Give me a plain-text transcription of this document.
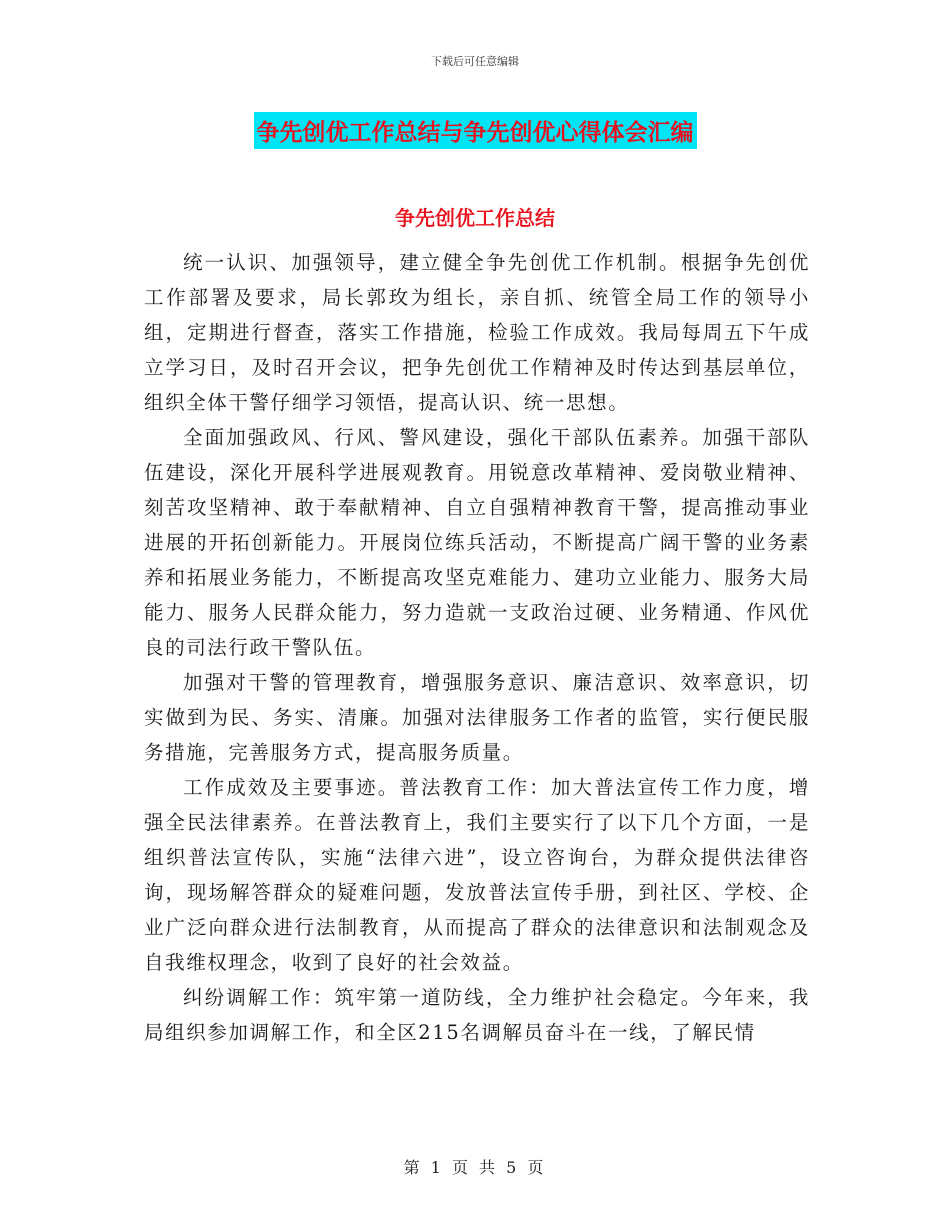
下载后可任意编辑
争先创优工作总结与争先创优心得体会汇编
争先创优工作总结

统一认识、加强领导，建立健全争先创优工作机制。根据争先创优工作部署及要求，局长郭玫为组长，亲自抓、统管全局工作的领导小组，定期进行督查，落实工作措施，检验工作成效。我局每周五下午成立学习日，及时召开会议，把争先创优工作精神及时传达到基层单位，组织全体干警仔细学习领悟，提高认识、统一思想。

全面加强政风、行风、警风建设，强化干部队伍素养。加强干部队伍建设，深化开展科学进展观教育。用锐意改革精神、爱岗敬业精神、刻苦攻坚精神、敢于奉献精神、自立自强精神教育干警，提高推动事业进展的开拓创新能力。开展岗位练兵活动，不断提高广阔干警的业务素养和拓展业务能力，不断提高攻坚克难能力、建功立业能力、服务大局能力、服务人民群众能力，努力造就一支政治过硬、业务精通、作风优良的司法行政干警队伍。

加强对干警的管理教育，增强服务意识、廉洁意识、效率意识，切实做到为民、务实、清廉。加强对法律服务工作者的监管，实行便民服务措施，完善服务方式，提高服务质量。

工作成效及主要事迹。普法教育工作：加大普法宣传工作力度，增强全民法律素养。在普法教育上，我们主要实行了以下几个方面，一是组织普法宣传队，实施“法律六进”，设立咨询台，为群众提供法律咨询，现场解答群众的疑难问题，发放普法宣传手册，到社区、学校、企业广泛向群众进行法制教育，从而提高了群众的法律意识和法制观念及自我维权理念，收到了良好的社会效益。

纠纷调解工作：筑牢第一道防线，全力维护社会稳定。今年来，我局组织参加调解工作，和全区215名调解员奋斗在一线，了解民情

第 1 页 共 5 页
